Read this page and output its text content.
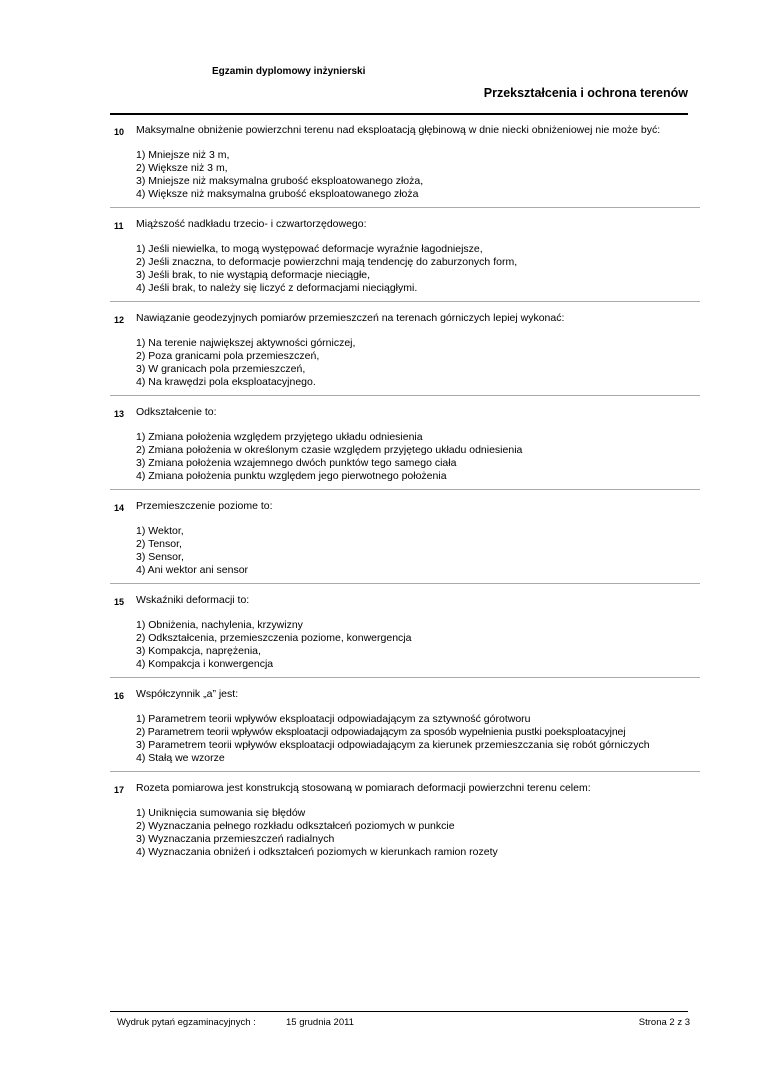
Egzamin dyplomowy inżynierski
Przekształcenia i ochrona terenów
10 Maksymalne obniżenie powierzchni terenu nad eksploatacją głębinową w dnie niecki obniżeniowej nie może być:

1) Mniejsze niż 3 m,

2) Większe niż 3 m,

3) Mniejsze niż maksymalna grubość eksploatowanego złoża,

4) Większe niż maksymalna grubość eksploatowanego złoża

11 Miąższość nadkładu trzecio- i czwartorzędowego:

1) Jeśli niewielka, to mogą występować deformacje wyraźnie łagodniejsze,

2) Jeśli znaczna, to deformacje powierzchni mają tendencję do zaburzonych form,

3) Jeśli brak, to nie wystąpią deformacje nieciągłe,

4) Jeśli brak, to należy się liczyć z deformacjami nieciągłymi.

12 Nawiązanie geodezyjnych pomiarów przemieszczeń na terenach górniczych lepiej wykonać:

1) Na terenie największej aktywności górniczej,

2) Poza granicami pola przemieszczeń,

3) W granicach pola przemieszczeń,

4) Na krawędzi pola eksploatacyjnego.

13 Odkształcenie to:

1) Zmiana położenia względem przyjętego układu odniesienia

2) Zmiana położenia w określonym czasie względem przyjętego układu odniesienia

3) Zmiana położenia wzajemnego dwóch punktów tego samego ciała

4) Zmiana położenia punktu względem jego pierwotnego położenia

14 Przemieszczenie poziome to:

1) Wektor,

2) Tensor,

3) Sensor,

4) Ani wektor ani sensor

15 Wskaźniki deformacji to:

1) Obniżenia, nachylenia, krzywizny

2) Odkształcenia, przemieszczenia poziome, konwergencja

3) Kompakcja, naprężenia,

4) Kompakcja i konwergencja

16 Współczynnik „a” jest:

1) Parametrem teorii wpływów eksploatacji odpowiadającym za sztywność górotworu

2) Parametrem teorii wpływów eksploatacji odpowiadającym za sposób wypełnienia pustki poeksploatacyjnej

3) Parametrem teorii wpływów eksploatacji odpowiadającym za kierunek przemieszczania się robót górniczych

4) Stałą we wzorze

17 Rozeta pomiarowa jest konstrukcją stosowaną w pomiarach deformacji powierzchni terenu celem:

1) Uniknięcia sumowania się błędów

2) Wyznaczania pełnego rozkładu odkształceń poziomych w punkcie

3) Wyznaczania przemieszczeń radialnych

4) Wyznaczania obniżeń i odkształceń poziomych w kierunkach ramion rozety

Wydruk pytań egzaminacyjnych :	15 grudnia 2011	Strona 2 z 3
